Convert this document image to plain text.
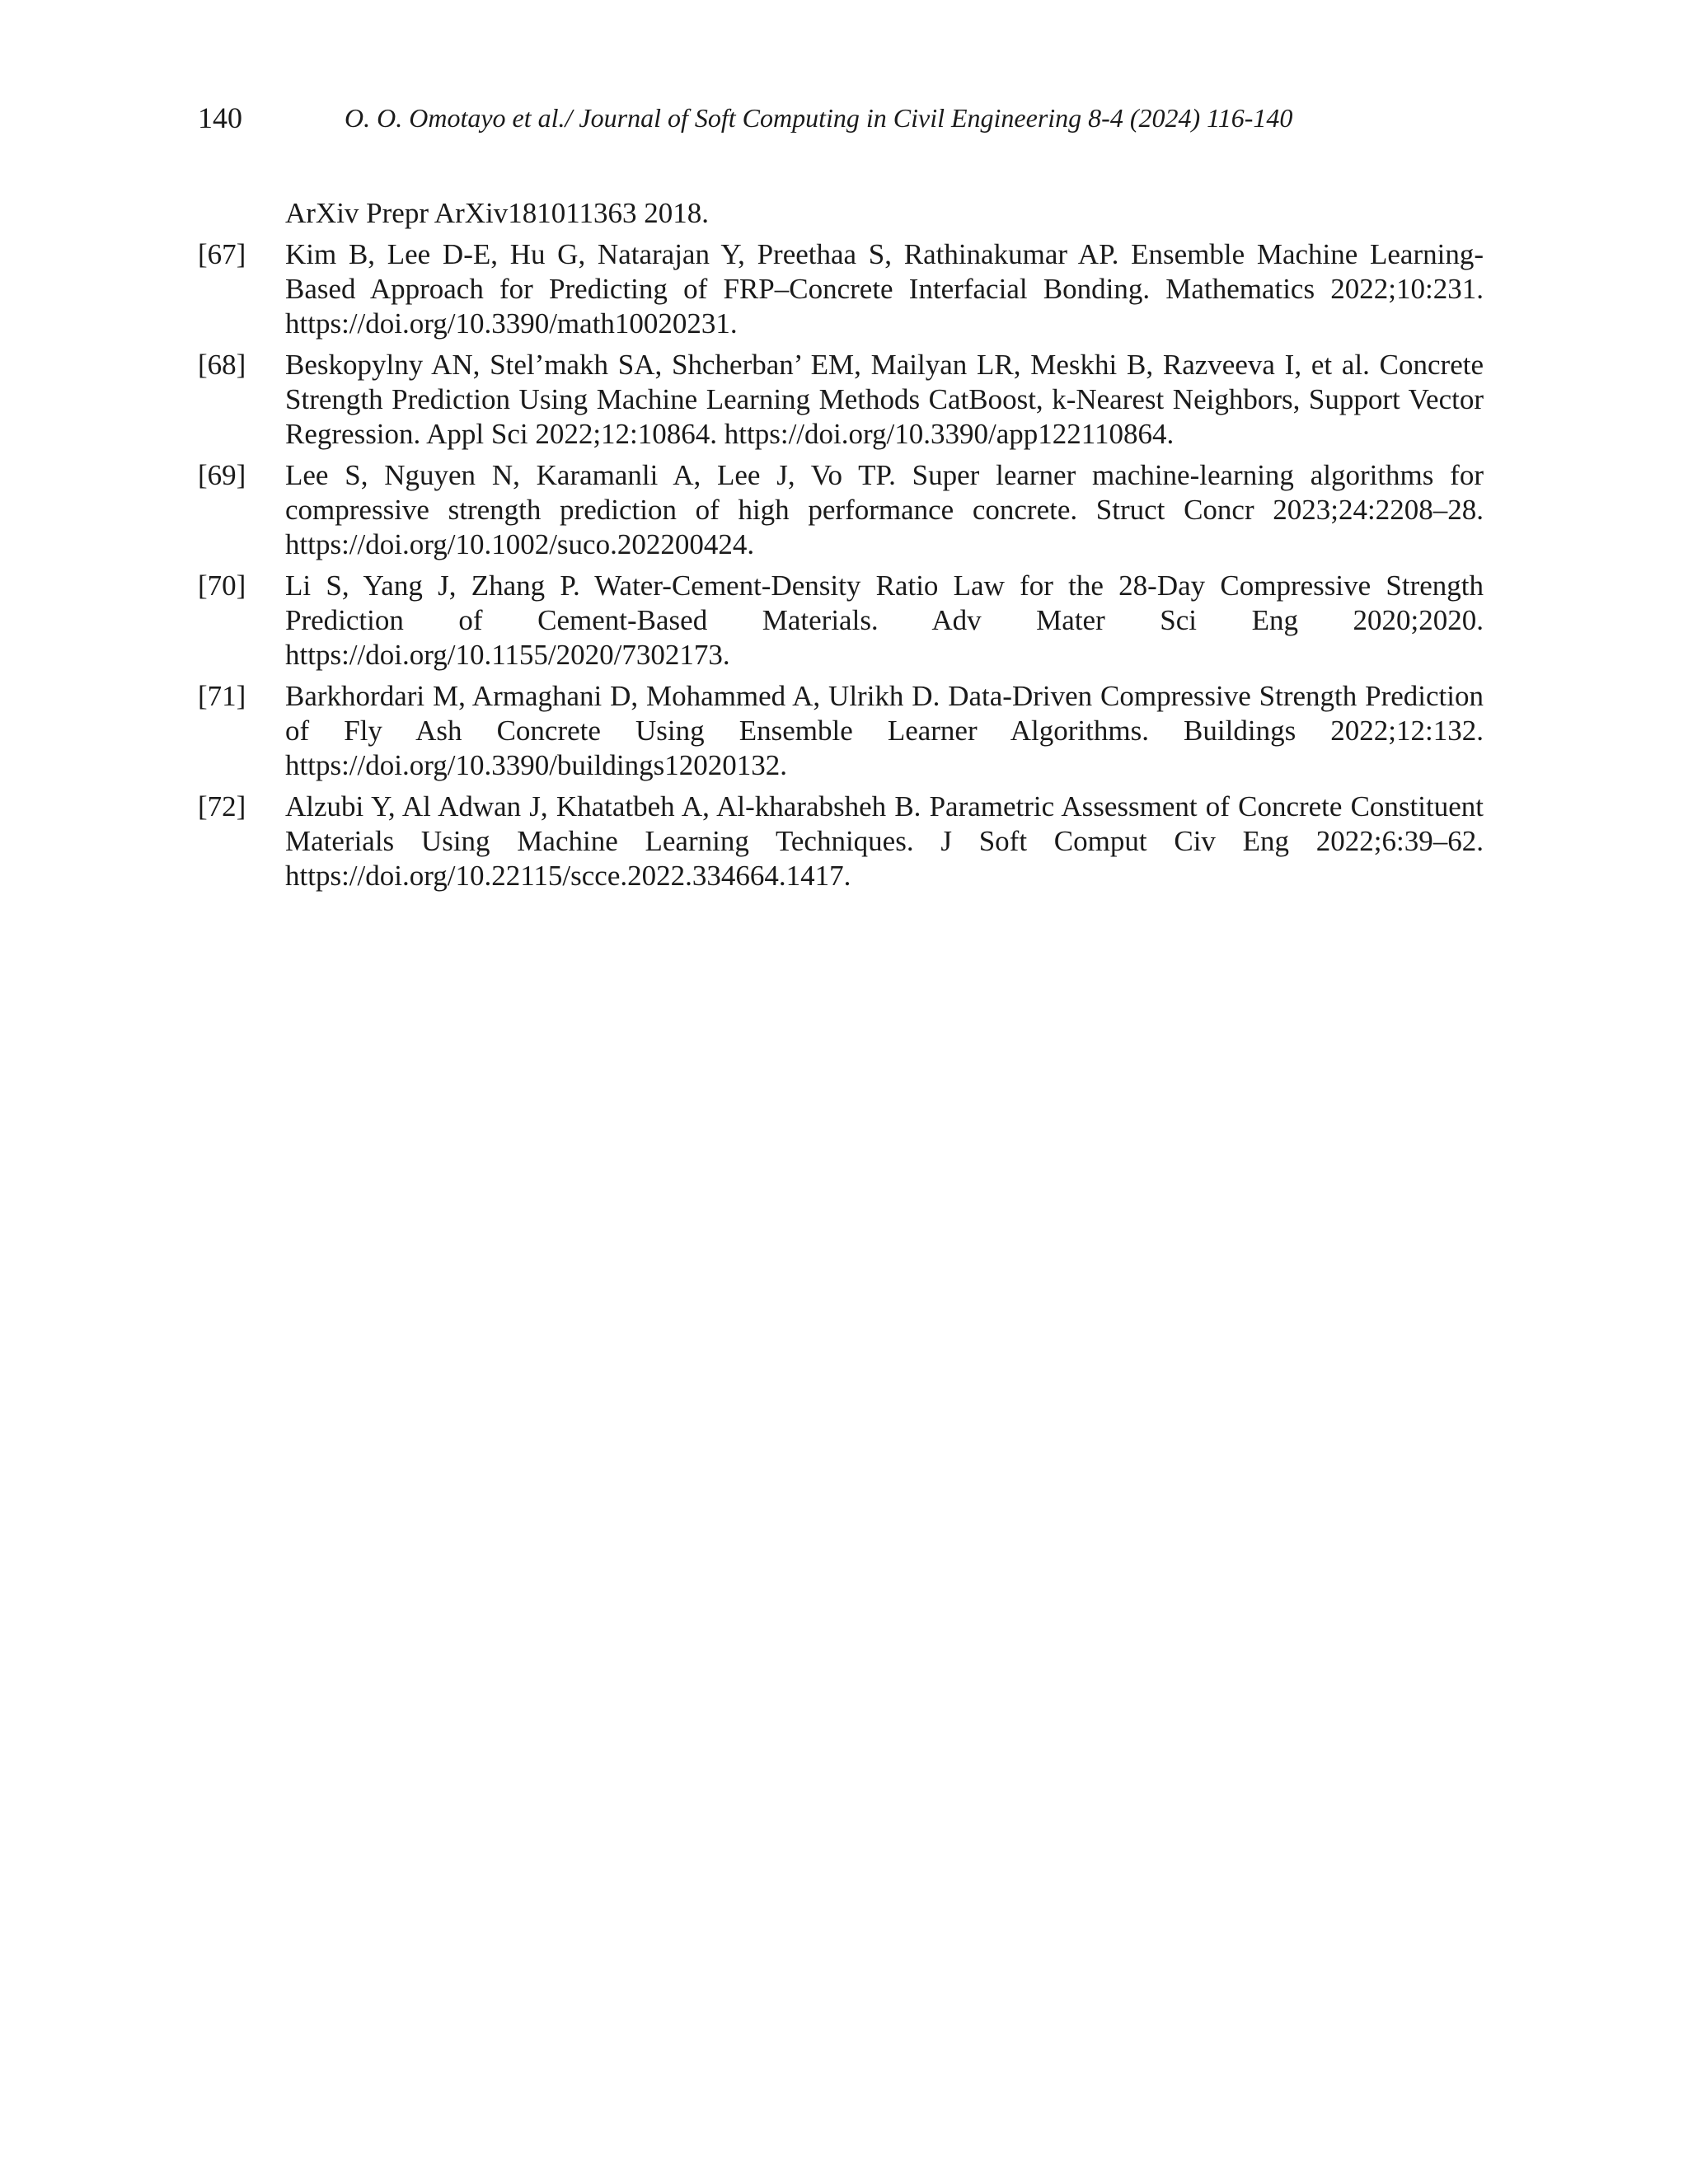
140	O. O. Omotayo et al./ Journal of Soft Computing in Civil Engineering 8-4 (2024) 116-140
ArXiv Prepr ArXiv181011363 2018.
[67]	Kim B, Lee D-E, Hu G, Natarajan Y, Preethaa S, Rathinakumar AP. Ensemble Machine Learning-Based Approach for Predicting of FRP–Concrete Interfacial Bonding. Mathematics 2022;10:231. https://doi.org/10.3390/math10020231.
[68]	Beskopylny AN, Stel’makh SA, Shcherban’ EM, Mailyan LR, Meskhi B, Razveeva I, et al. Concrete Strength Prediction Using Machine Learning Methods CatBoost, k-Nearest Neighbors, Support Vector Regression. Appl Sci 2022;12:10864. https://doi.org/10.3390/app122110864.
[69]	Lee S, Nguyen N, Karamanli A, Lee J, Vo TP. Super learner machine-learning algorithms for compressive strength prediction of high performance concrete. Struct Concr 2023;24:2208–28. https://doi.org/10.1002/suco.202200424.
[70]	Li S, Yang J, Zhang P. Water-Cement-Density Ratio Law for the 28-Day Compressive Strength Prediction of Cement-Based Materials. Adv Mater Sci Eng 2020;2020. https://doi.org/10.1155/2020/7302173.
[71]	Barkhordari M, Armaghani D, Mohammed A, Ulrikh D. Data-Driven Compressive Strength Prediction of Fly Ash Concrete Using Ensemble Learner Algorithms. Buildings 2022;12:132. https://doi.org/10.3390/buildings12020132.
[72]	Alzubi Y, Al Adwan J, Khatatbeh A, Al-kharabsheh B. Parametric Assessment of Concrete Constituent Materials Using Machine Learning Techniques. J Soft Comput Civ Eng 2022;6:39–62. https://doi.org/10.22115/scce.2022.334664.1417.
